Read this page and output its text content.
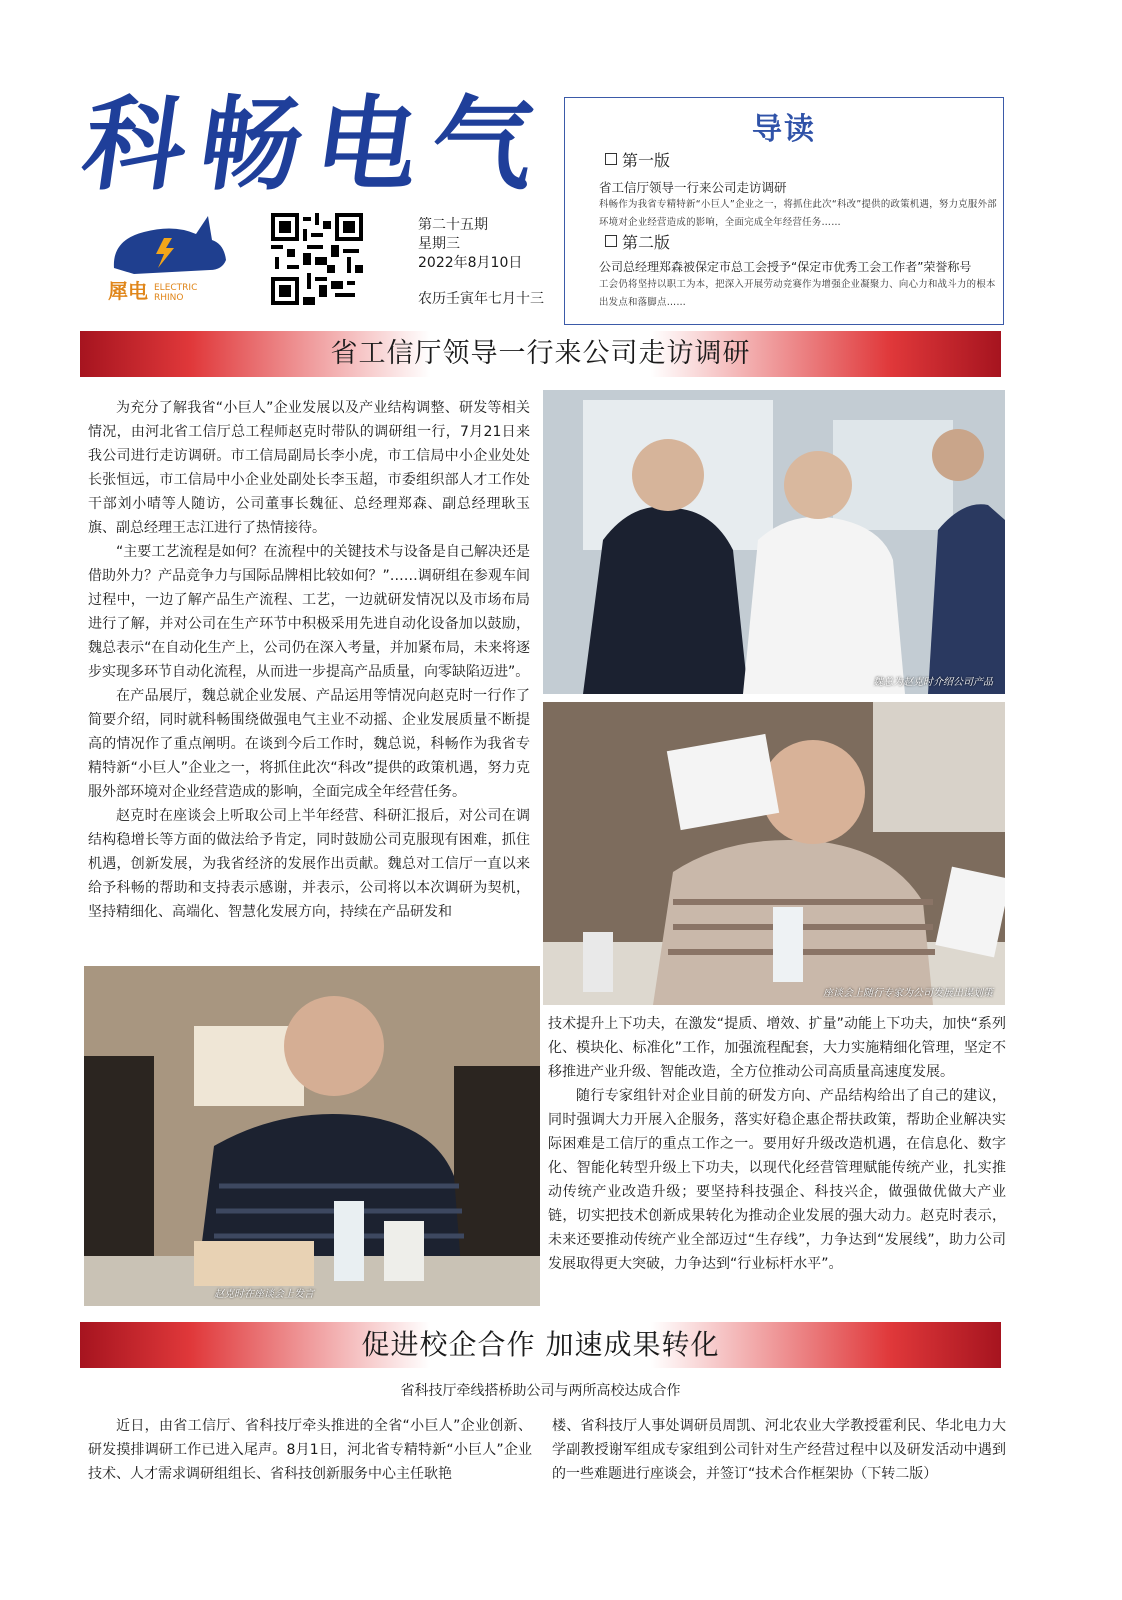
科畅电气
犀电 ELECTRIC
RHINO
第二十五期
星期三
2022年8月10日
农历壬寅年七月十三
导读
第一版
省工信厅领导一行来公司走访调研
科畅作为我省专精特新“小巨人”企业之一，将抓住此次“科改”提供的政策机遇，努力克服外部环境对企业经营造成的影响，全面完成全年经营任务……
第二版
公司总经理郑森被保定市总工会授予“保定市优秀工会工作者”荣誉称号
工会仍将坚持以职工为本，把深入开展劳动竞赛作为增强企业凝聚力、向心力和战斗力的根本出发点和落脚点……
省工信厅领导一行来公司走访调研

为充分了解我省“小巨人”企业发展以及产业结构调整、研发等相关情况，由河北省工信厅总工程师赵克时带队的调研组一行，7月21日来我公司进行走访调研。市工信局副局长李小虎，市工信局中小企业处处长张恒远，市工信局中小企业处副处长李玉超，市委组织部人才工作处干部刘小晴等人随访，公司董事长魏征、总经理郑森、副总经理耿玉旗、副总经理王志江进行了热情接待。

“主要工艺流程是如何？在流程中的关键技术与设备是自己解决还是借助外力？产品竞争力与国际品牌相比较如何？”……调研组在参观车间过程中，一边了解产品生产流程、工艺，一边就研发情况以及市场布局进行了解，并对公司在生产环节中积极采用先进自动化设备加以鼓励，魏总表示“在自动化生产上，公司仍在深入考量，并加紧布局，未来将逐步实现多环节自动化流程，从而进一步提高产品质量，向零缺陷迈进”。

在产品展厅，魏总就企业发展、产品运用等情况向赵克时一行作了简要介绍，同时就科畅围绕做强电气主业不动摇、企业发展质量不断提高的情况作了重点阐明。在谈到今后工作时，魏总说，科畅作为我省专精特新“小巨人”企业之一，将抓住此次“科改”提供的政策机遇，努力克服外部环境对企业经营造成的影响，全面完成全年经营任务。

赵克时在座谈会上听取公司上半年经营、科研汇报后，对公司在调结构稳增长等方面的做法给予肯定，同时鼓励公司克服现有困难，抓住机遇，创新发展，为我省经济的发展作出贡献。魏总对工信厅一直以来给予科畅的帮助和支持表示感谢，并表示，公司将以本次调研为契机，坚持精细化、高端化、智慧化发展方向，持续在产品研发和

魏总为赵克时介绍公司产品
座谈会上随行专家为公司发展出谋划策
赵克时在座谈会上发言

技术提升上下功夫，在激发“提质、增效、扩量”动能上下功夫，加快“系列化、模块化、标准化”工作，加强流程配套，大力实施精细化管理，坚定不移推进产业升级、智能改造，全方位推动公司高质量高速度发展。

随行专家组针对企业目前的研发方向、产品结构给出了自己的建议，同时强调大力开展入企服务，落实好稳企惠企帮扶政策，帮助企业解决实际困难是工信厅的重点工作之一。要用好升级改造机遇，在信息化、数字化、智能化转型升级上下功夫，以现代化经营管理赋能传统产业，扎实推动传统产业改造升级；要坚持科技强企、科技兴企，做强做优做大产业链，切实把技术创新成果转化为推动企业发展的强大动力。赵克时表示，未来还要推动传统产业全部迈过“生存线”，力争达到“发展线”，助力公司发展取得更大突破，力争达到“行业标杆水平”。

促进校企合作 加速成果转化
省科技厅牵线搭桥助公司与两所高校达成合作

近日，由省工信厅、省科技厅牵头推进的全省“小巨人”企业创新、研发摸排调研工作已进入尾声。8月1日，河北省专精特新“小巨人”企业技术、人才需求调研组组长、省科技创新服务中心主任耿艳

楼、省科技厅人事处调研员周凯、河北农业大学教授霍利民、华北电力大学副教授谢军组成专家组到公司针对生产经营过程中以及研发活动中遇到的一些难题进行座谈会，并签订“技术合作框架协（下转二版）
